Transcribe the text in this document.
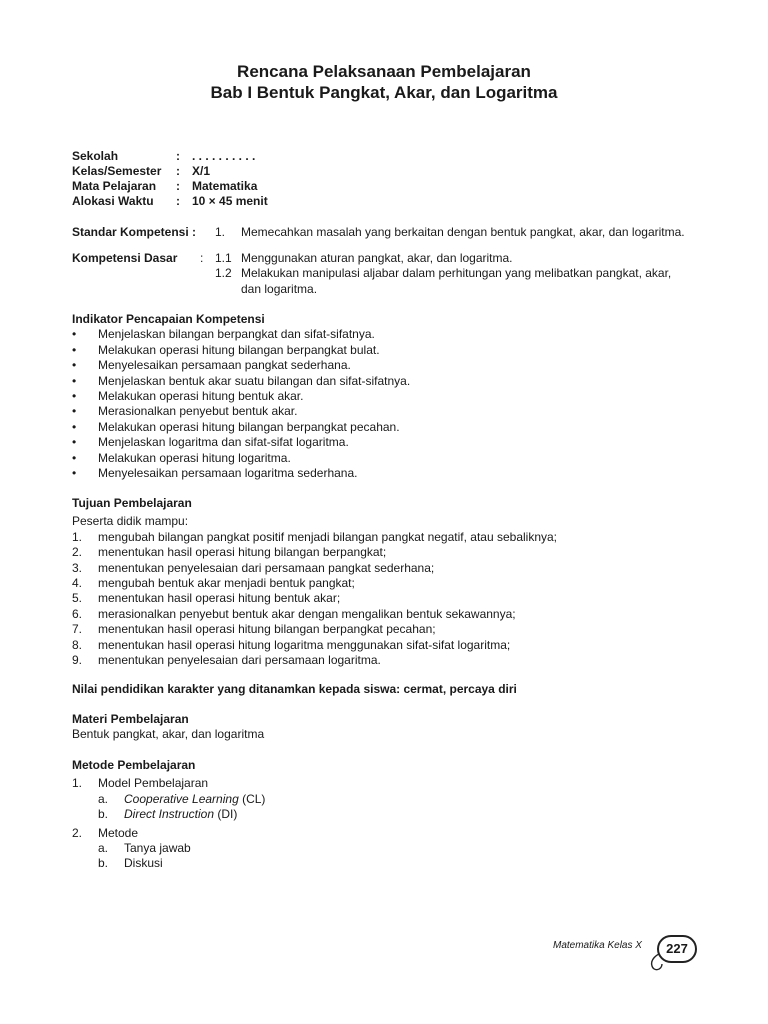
Rencana Pelaksanaan Pembelajaran
Bab I Bentuk Pangkat, Akar, dan Logaritma
Sekolah	:	. . . . . . . . . .
Kelas/Semester	:	X/1
Mata Pelajaran	:	Matematika
Alokasi Waktu	:	10 × 45 menit
Standar Kompetensi :	1.	Memecahkan masalah yang berkaitan dengan bentuk pangkat, akar, dan logaritma.
Kompetensi Dasar	: 1.1 Menggunakan aturan pangkat, akar, dan logaritma.
1.2 Melakukan manipulasi aljabar dalam perhitungan yang melibatkan pangkat, akar,
dan logaritma.
Indikator Pencapaian Kompetensi
•	Menjelaskan bilangan berpangkat dan sifat-sifatnya.
•	Melakukan operasi hitung bilangan berpangkat bulat.
•	Menyelesaikan persamaan pangkat sederhana.
•	Menjelaskan bentuk akar suatu bilangan dan sifat-sifatnya.
•	Melakukan operasi hitung bentuk akar.
•	Merasionalkan penyebut bentuk akar.
•	Melakukan operasi hitung bilangan berpangkat pecahan.
•	Menjelaskan logaritma dan sifat-sifat logaritma.
•	Melakukan operasi hitung logaritma.
•	Menyelesaikan persamaan logaritma sederhana.
Tujuan Pembelajaran
Peserta didik mampu:
1.	mengubah bilangan pangkat positif menjadi bilangan pangkat negatif, atau sebaliknya;
2.	menentukan hasil operasi hitung bilangan berpangkat;
3.	menentukan penyelesaian dari persamaan pangkat sederhana;
4.	mengubah bentuk akar menjadi bentuk pangkat;
5.	menentukan hasil operasi hitung bentuk akar;
6.	merasionalkan penyebut bentuk akar dengan mengalikan bentuk sekawannya;
7.	menentukan hasil operasi hitung bilangan berpangkat pecahan;
8.	menentukan hasil operasi hitung logaritma menggunakan sifat-sifat logaritma;
9.	menentukan penyelesaian dari persamaan logaritma.
Nilai pendidikan karakter yang ditanamkan kepada siswa: cermat, percaya diri
Materi Pembelajaran
Bentuk pangkat, akar, dan logaritma
Metode Pembelajaran
1.	Model Pembelajaran
a.	Cooperative Learning (CL)
b.	Direct Instruction (DI)
2.	Metode
a.	Tanya jawab
b.	Diskusi
Matematika Kelas X	227
